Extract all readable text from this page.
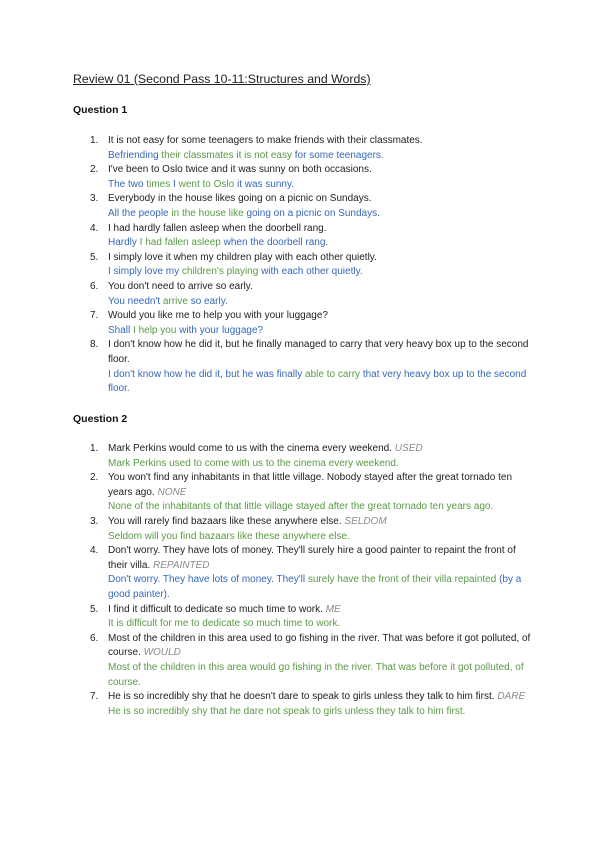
Review 01 (Second Pass 10-11:Structures and Words)
Question 1
1. It is not easy for some teenagers to make friends with their classmates.
Befriending their classmates it is not easy for some teenagers.
2. I've been to Oslo twice and it was sunny on both occasions.
The two times I went to Oslo it was sunny.
3. Everybody in the house likes going on a picnic on Sundays.
All the people in the house like going on a picnic on Sundays.
4. I had hardly fallen asleep when the doorbell rang.
Hardly I had fallen asleep when the doorbell rang.
5. I simply love it when my children play with each other quietly.
I simply love my children's playing with each other quietly.
6. You don't need to arrive so early.
You needn't arrive so early.
7. Would you like me to help you with your luggage?
Shall I help you with your luggage?
8. I don't know how he did it, but he finally managed to carry that very heavy box up to the second floor.
I don't know how he did it, but he was finally able to carry that very heavy box up to the second floor.
Question 2
1. Mark Perkins would come to us with the cinema every weekend. USED
Mark Perkins used to come with us to the cinema every weekend.
2. You won't find any inhabitants in that little village. Nobody stayed after the great tornado ten years ago. NONE
None of the inhabitants of that little village stayed after the great tornado ten years ago.
3. You will rarely find bazaars like these anywhere else. SELDOM
Seldom will you find bazaars like these anywhere else.
4. Don't worry. They have lots of money. They'll surely hire a good painter to repaint the front of their villa. REPAINTED
Don't worry. They have lots of money. They'll surely have the front of their villa repainted (by a good painter).
5. I find it difficult to dedicate so much time to work. ME
It is difficult for me to dedicate so much time to work.
6. Most of the children in this area used to go fishing in the river. That was before it got polluted, of course. WOULD
Most of the children in this area would go fishing in the river. That was before it got polluted, of course.
7. He is so incredibly shy that he doesn't dare to speak to girls unless they talk to him first. DARE
He is so incredibly shy that he dare not speak to girls unless they talk to him first.
